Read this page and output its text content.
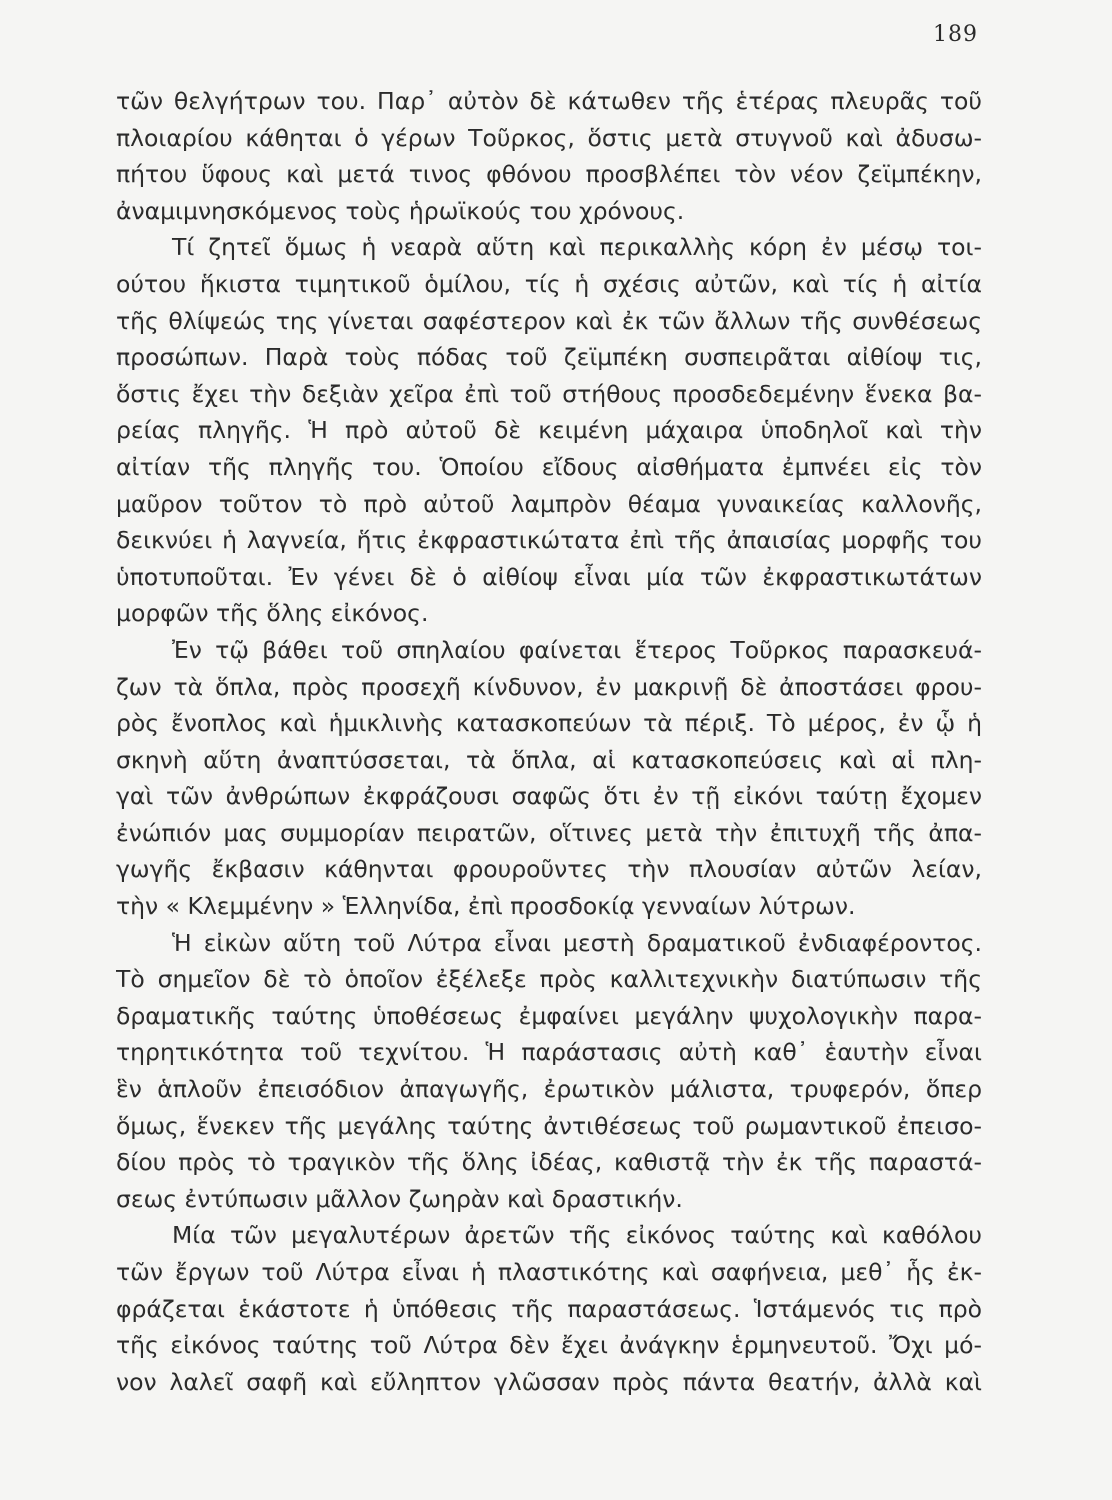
189
τῶν θελγήτρων του. Παρ᾽ αὐτὸν δὲ κάτωθεν τῆς ἑτέρας πλευρᾶς τοῦ
πλοιαρίου κάθηται ὁ γέρων Τοῦρκος, ὅστις μετὰ στυγνοῦ καὶ ἀδυσω-
πήτου ὕφους καὶ μετά τινος φθόνου προσβλέπει τὸν νέον ζεϊμπέκην,
ἀναμιμνησκόμενος τοὺς ἡρωϊκούς του χρόνους.
Τί ζητεῖ ὅμως ἡ νεαρὰ αὕτη καὶ περικαλλὴς κόρη ἐν μέσῳ τοι-
ούτου ἥκιστα τιμητικοῦ ὁμίλου, τίς ἡ σχέσις αὐτῶν, καὶ τίς ἡ αἰτία
τῆς θλίψεώς της γίνεται σαφέστερον καὶ ἐκ τῶν ἄλλων τῆς συνθέσεως
προσώπων. Παρὰ τοὺς πόδας τοῦ ζεϊμπέκη συσπειρᾶται αἰθίοψ τις,
ὅστις ἔχει τὴν δεξιὰν χεῖρα ἐπὶ τοῦ στήθους προσδεδεμένην ἕνεκα βα-
ρείας πληγῆς. Ἡ πρὸ αὐτοῦ δὲ κειμένη μάχαιρα ὑποδηλοῖ καὶ τὴν
αἰτίαν τῆς πληγῆς του. Ὁποίου εἴδους αἰσθήματα ἐμπνέει εἰς τὸν
μαῦρον τοῦτον τὸ πρὸ αὐτοῦ λαμπρὸν θέαμα γυναικείας καλλονῆς,
δεικνύει ἡ λαγνεία, ἥτις ἐκφραστικώτατα ἐπὶ τῆς ἀπαισίας μορφῆς του
ὑποτυποῦται. Ἐν γένει δὲ ὁ αἰθίοψ εἶναι μία τῶν ἐκφραστικωτάτων
μορφῶν τῆς ὅλης εἰκόνος.
Ἐν τῷ βάθει τοῦ σπηλαίου φαίνεται ἕτερος Τοῦρκος παρασκευά-
ζων τὰ ὅπλα, πρὸς προσεχῆ κίνδυνον, ἐν μακρινῇ δὲ ἀποστάσει φρου-
ρὸς ἔνοπλος καὶ ἡμικλινὴς κατασκοπεύων τὰ πέριξ. Τὸ μέρος, ἐν ᾧ ἡ
σκηνὴ αὕτη ἀναπτύσσεται, τὰ ὅπλα, αἱ κατασκοπεύσεις καὶ αἱ πλη-
γαὶ τῶν ἀνθρώπων ἐκφράζουσι σαφῶς ὅτι ἐν τῇ εἰκόνι ταύτῃ ἔχομεν
ἐνώπιόν μας συμμορίαν πειρατῶν, οἵτινες μετὰ τὴν ἐπιτυχῆ τῆς ἀπα-
γωγῆς ἔκβασιν κάθηνται φρουροῦντες τὴν πλουσίαν αὐτῶν λείαν,
τὴν « Κλεμμένην » Ἑλληνίδα, ἐπὶ προσδοκίᾳ γενναίων λύτρων.
Ἡ εἰκὼν αὕτη τοῦ Λύτρα εἶναι μεστὴ δραματικοῦ ἐνδιαφέροντος.
Τὸ σημεῖον δὲ τὸ ὁποῖον ἐξέλεξε πρὸς καλλιτεχνικὴν διατύπωσιν τῆς
δραματικῆς ταύτης ὑποθέσεως ἐμφαίνει μεγάλην ψυχολογικὴν παρα-
τηρητικότητα τοῦ τεχνίτου. Ἡ παράστασις αὐτὴ καθ᾽ ἑαυτὴν εἶναι
ἓν ἁπλοῦν ἐπεισόδιον ἀπαγωγῆς, ἐρωτικὸν μάλιστα, τρυφερόν, ὅπερ
ὅμως, ἕνεκεν τῆς μεγάλης ταύτης ἀντιθέσεως τοῦ ρωμαντικοῦ ἐπεισο-
δίου πρὸς τὸ τραγικὸν τῆς ὅλης ἰδέας, καθιστᾷ τὴν ἐκ τῆς παραστά-
σεως ἐντύπωσιν μᾶλλον ζωηρὰν καὶ δραστικήν.
Μία τῶν μεγαλυτέρων ἀρετῶν τῆς εἰκόνος ταύτης καὶ καθόλου
τῶν ἔργων τοῦ Λύτρα εἶναι ἡ πλαστικότης καὶ σαφήνεια, μεθ᾽ ἧς ἐκ-
φράζεται ἑκάστοτε ἡ ὑπόθεσις τῆς παραστάσεως. Ἱστάμενός τις πρὸ
τῆς εἰκόνος ταύτης τοῦ Λύτρα δὲν ἔχει ἀνάγκην ἑρμηνευτοῦ. Ὄχι μό-
νον λαλεῖ σαφῆ καὶ εὔληπτον γλῶσσαν πρὸς πάντα θεατήν, ἀλλὰ καὶ
